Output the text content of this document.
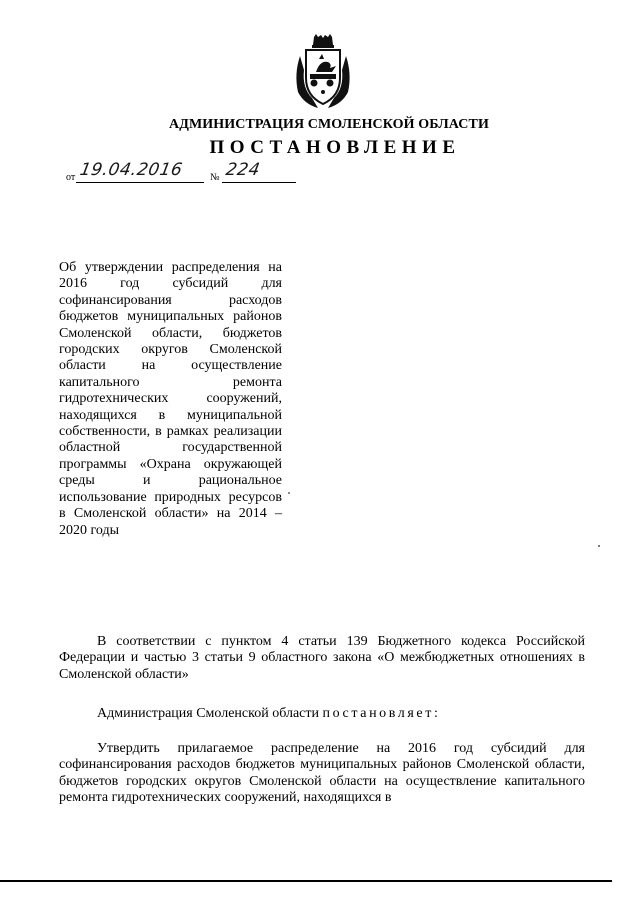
АДМИНИСТРАЦИЯ СМОЛЕНСКОЙ ОБЛАСТИ
ПОСТАНОВЛЕНИЕ
от 19.04.2016	№ 224
Об утверждении распределения на 2016 год субсидий для софинансирования расходов бюджетов муниципальных районов Смоленской области, бюджетов городских округов Смоленской области на осуществление капитального ремонта гидротехнических сооружений, находящихся в муниципальной собственности, в рамках реализации областной государственной программы «Охрана окружающей среды и рациональное использование природных ресурсов в Смоленской области» на 2014 – 2020 годы
В соответствии с пунктом 4 статьи 139 Бюджетного кодекса Российской Федерации и частью 3 статьи 9 областного закона «О межбюджетных отношениях в Смоленской области»
Администрация Смоленской области постановляет:
Утвердить прилагаемое распределение на 2016 год субсидий для софинансирования расходов бюджетов муниципальных районов Смоленской области, бюджетов городских округов Смоленской области на осуществление капитального ремонта гидротехнических сооружений, находящихся в
